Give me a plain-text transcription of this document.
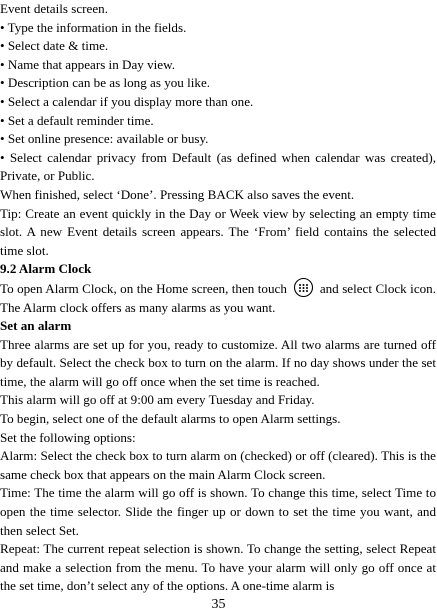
Event details screen.

• Type the information in the fields.

• Select date & time.

• Name that appears in Day view.

• Description can be as long as you like.

• Select a calendar if you display more than one.

• Set a default reminder time.

• Set online presence: available or busy.

• Select calendar privacy from Default (as defined when calendar was created), Private, or Public.

When finished, select ‘Done’. Pressing BACK also saves the event.

Tip: Create an event quickly in the Day or Week view by selecting an empty time slot. A new Event details screen appears. The ‘From’ field contains the selected time slot.

9.2 Alarm Clock

To open Alarm Clock, on the Home screen, then touch	and select Clock icon. The Alarm clock offers as many alarms as you want.

Set an alarm

Three alarms are set up for you, ready to customize. All two alarms are turned off by default. Select the check box to turn on the alarm. If no day shows under the set time, the alarm will go off once when the set time is reached.

This alarm will go off at 9:00 am every Tuesday and Friday.

To begin, select one of the default alarms to open Alarm settings.

Set the following options:

Alarm: Select the check box to turn alarm on (checked) or off (cleared). This is the same check box that appears on the main Alarm Clock screen.

Time: The time the alarm will go off is shown. To change this time, select Time to open the time selector. Slide the finger up or down to set the time you want, and then select Set.

Repeat: The current repeat selection is shown. To change the setting, select Repeat and make a selection from the menu. To have your alarm will only go off once at the set time, don’t select any of the options. A one-time alarm is

35
